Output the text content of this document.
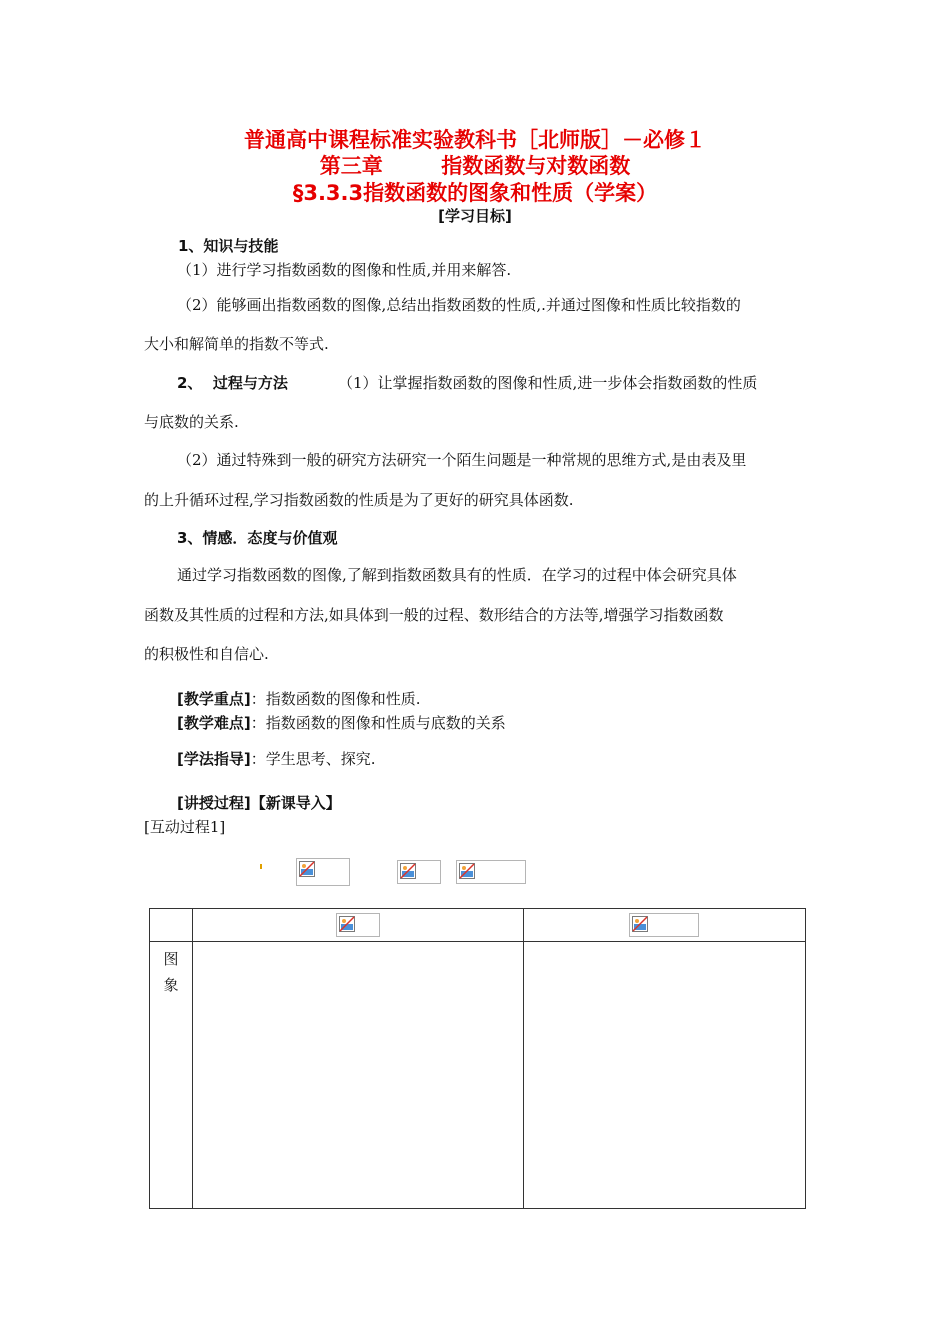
普通高中课程标准实验教科书［北师版］－必修１
第三章        指数函数与对数函数
§3.3.3指数函数的图象和性质（学案）
[学习目标]
1、知识与技能
（1）进行学习指数函数的图像和性质,并用来解答.
（2）能够画出指数函数的图像,总结出指数函数的性质,.并通过图像和性质比较指数的
大小和解简单的指数不等式.
2、  过程与方法	（1）让掌握指数函数的图像和性质,进一步体会指数函数的性质
与底数的关系.
（2）通过特殊到一般的研究方法研究一个陌生问题是一种常规的思维方式,是由表及里
的上升循环过程,学习指数函数的性质是为了更好的研究具体函数.
3、情感．态度与价值观
通过学习指数函数的图像,了解到指数函数具有的性质．在学习的过程中体会研究具体
函数及其性质的过程和方法,如具体到一般的过程、数形结合的方法等,增强学习指数函数
的积极性和自信心.
[教学重点]：指数函数的图像和性质.
[教学难点]：指数函数的图像和性质与底数的关系
[学法指导]：学生思考、探究.
[讲授过程]【新课导入】
[互动过程1]

图
象		
